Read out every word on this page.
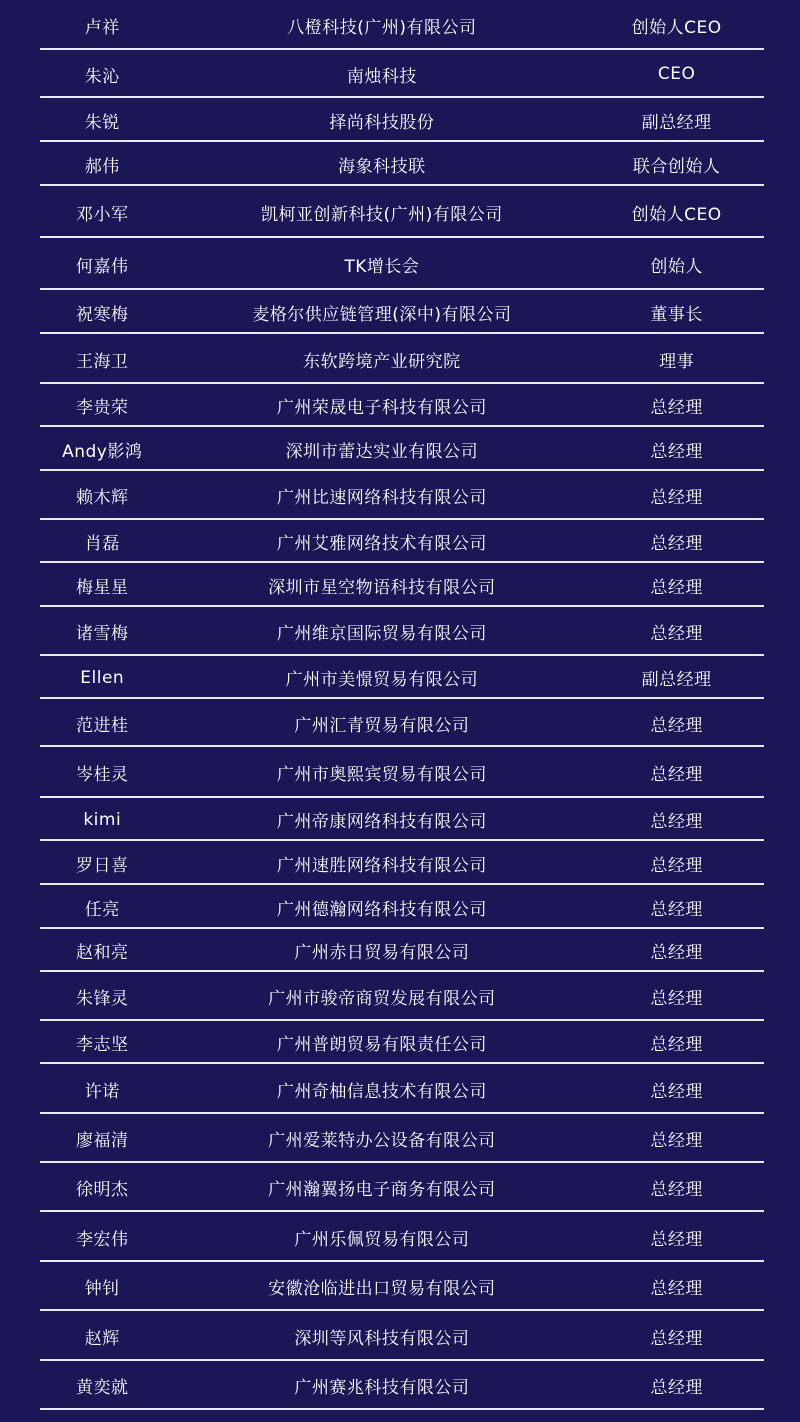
卢祥	八橙科技(广州)有限公司	创始人CEO
朱沁	南烛科技	CEO
朱锐	择尚科技股份	副总经理
郝伟	海象科技联	联合创始人
邓小军	凯柯亚创新科技(广州)有限公司	创始人CEO
何嘉伟	TK增长会	创始人
祝寒梅	麦格尔供应链管理(深中)有限公司	董事长
王海卫	东软跨境产业研究院	理事
李贵荣	广州荣晟电子科技有限公司	总经理
Andy影鸿	深圳市蕾达实业有限公司	总经理
赖木辉	广州比速网络科技有限公司	总经理
肖磊	广州艾雅网络技术有限公司	总经理
梅星星	深圳市星空物语科技有限公司	总经理
诸雪梅	广州维京国际贸易有限公司	总经理
Ellen	广州市美憬贸易有限公司	副总经理
范进桂	广州汇青贸易有限公司	总经理
岑桂灵	广州市奥熙宾贸易有限公司	总经理
kimi	广州帝康网络科技有限公司	总经理
罗日喜	广州速胜网络科技有限公司	总经理
任亮	广州德瀚网络科技有限公司	总经理
赵和亮	广州赤日贸易有限公司	总经理
朱锋灵	广州市骏帝商贸发展有限公司	总经理
李志坚	广州普朗贸易有限责任公司	总经理
许诺	广州奇柚信息技术有限公司	总经理
廖福清	广州爱莱特办公设备有限公司	总经理
徐明杰	广州瀚翼扬电子商务有限公司	总经理
李宏伟	广州乐佩贸易有限公司	总经理
钟钊	安徽沧临进出口贸易有限公司	总经理
赵辉	深圳等风科技有限公司	总经理
黄奕就	广州赛兆科技有限公司	总经理
